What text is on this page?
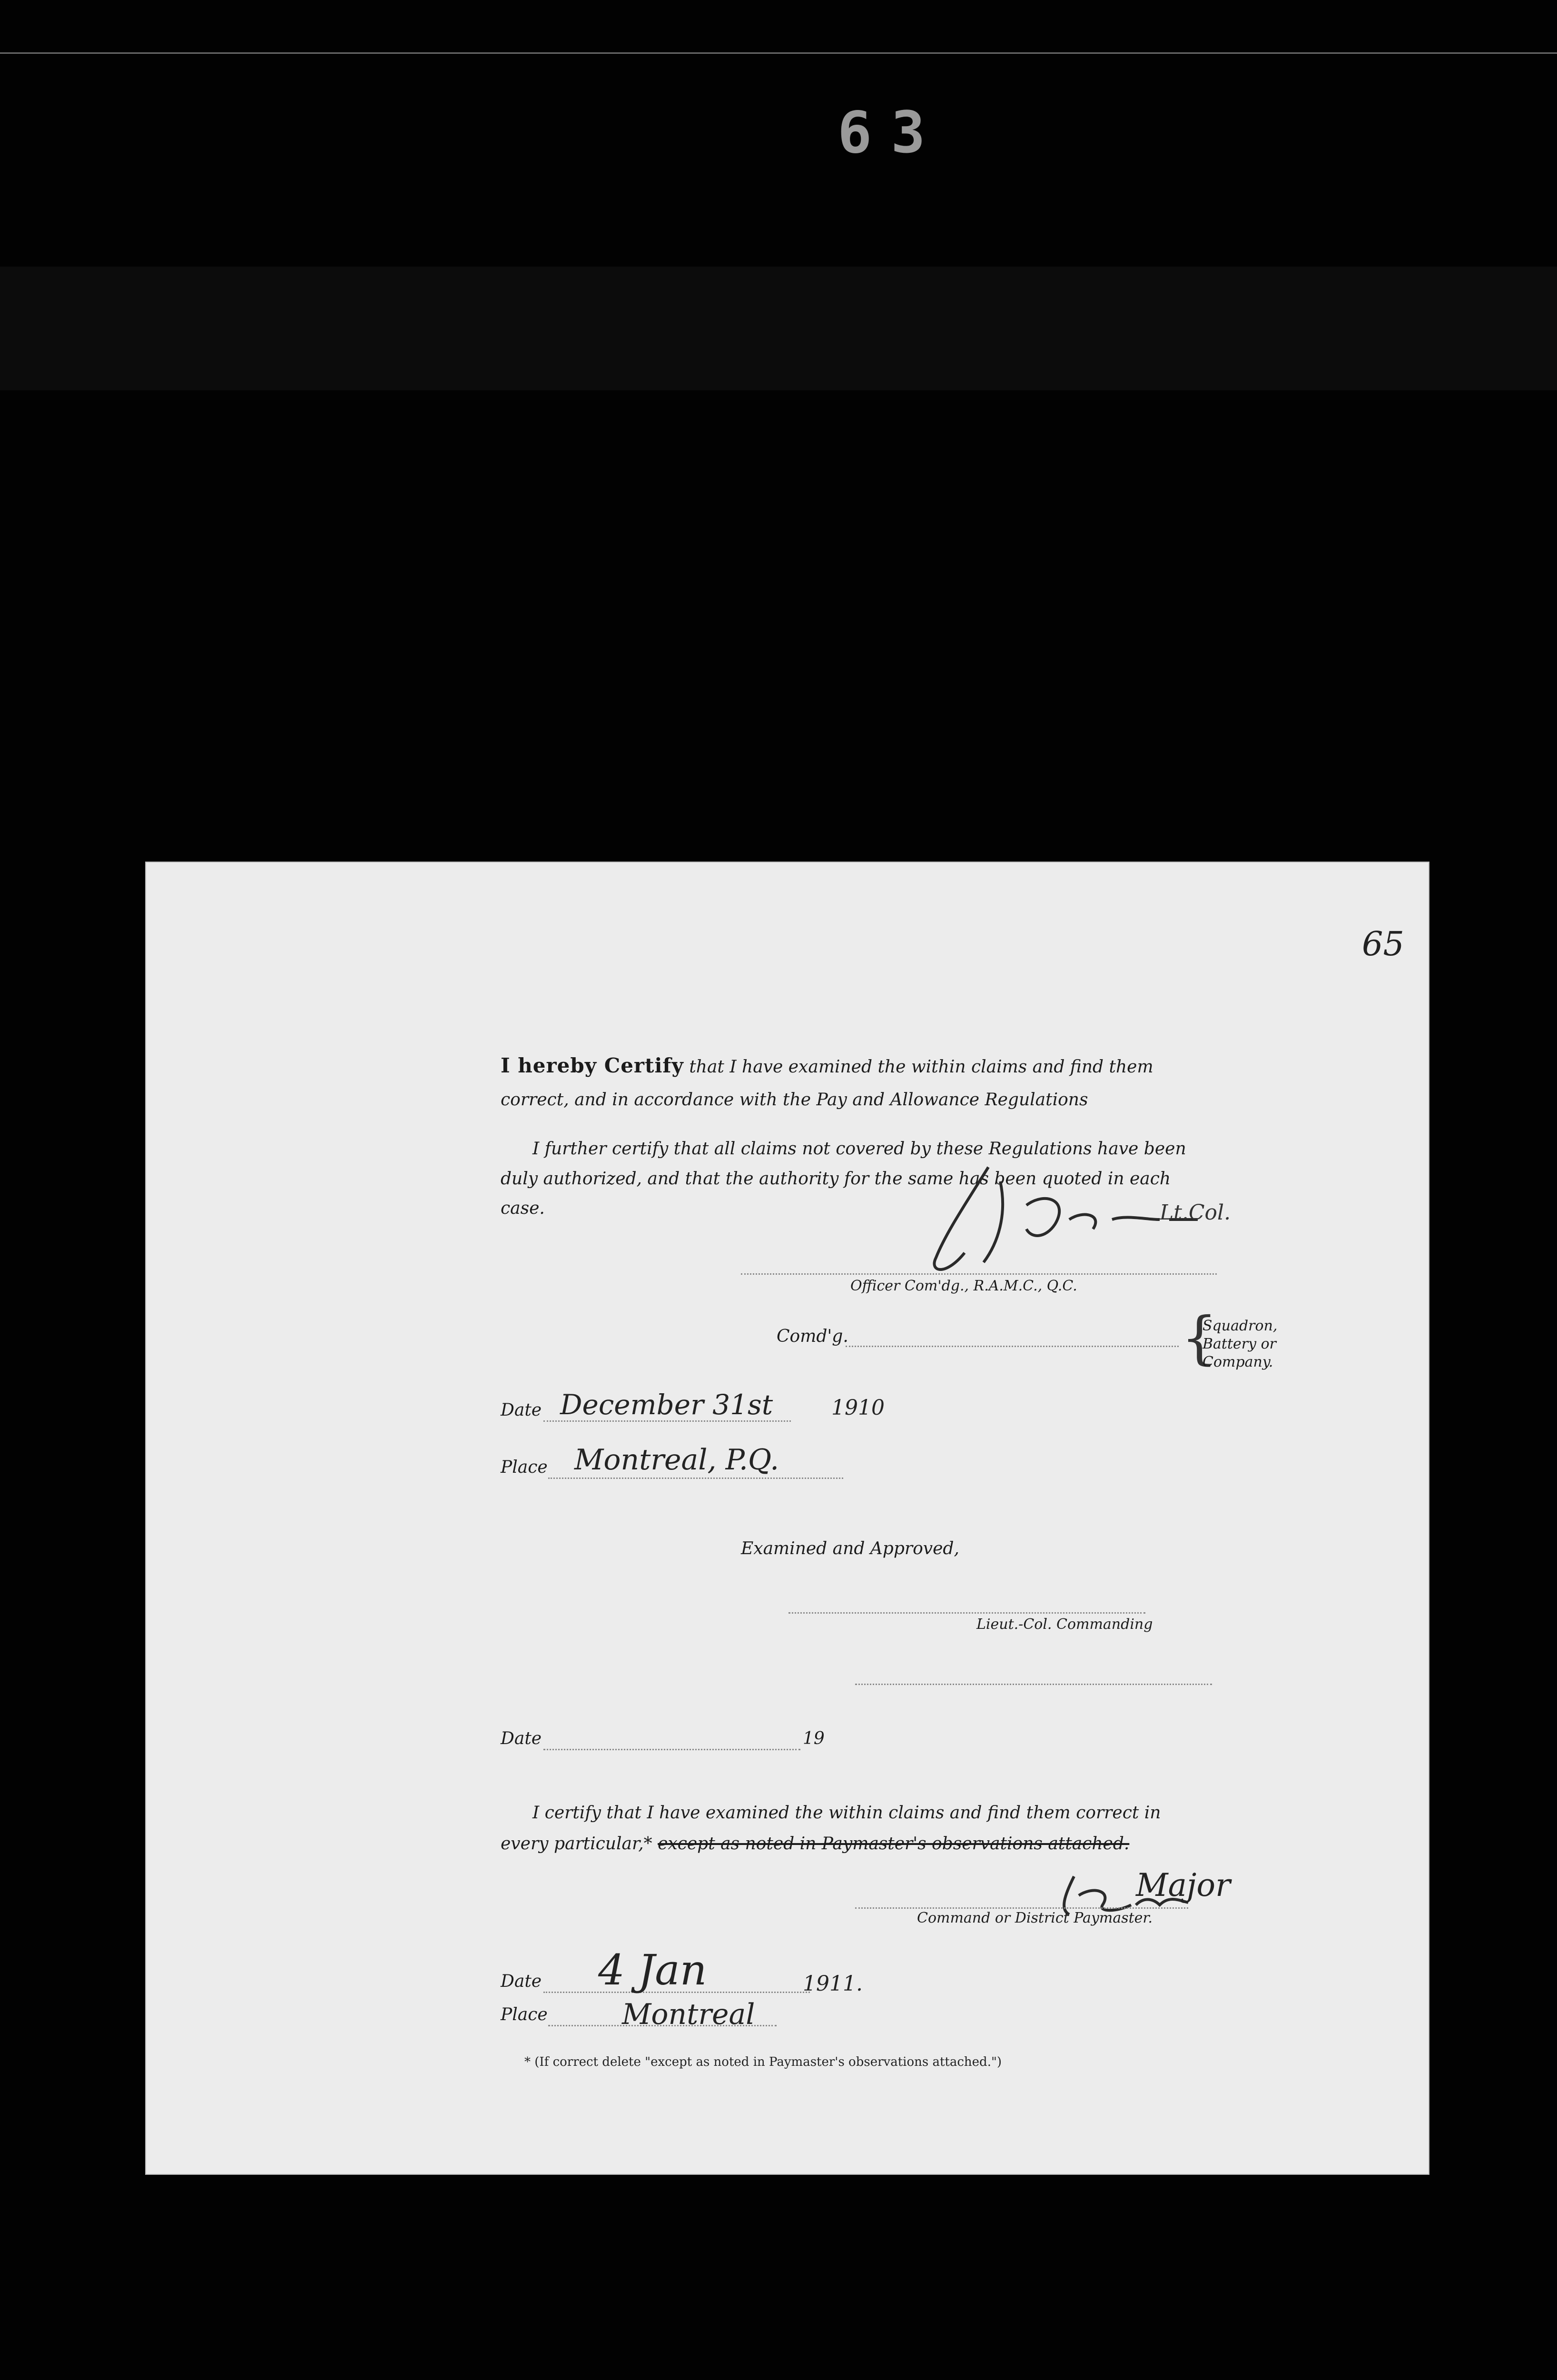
63
65
I hereby Certify that I have examined the within claims and find them
correct, and in accordance with the Pay and Allowance Regulations
I further certify that all claims not covered by these Regulations have been
duly authorized, and that the authority for the same has been quoted in each
case.	Lt.Col.
Officer Com'dg., R.A.M.C., Q.C.
Comd'g.	{
Squadron,
Battery or
Company.
Date December 31st	1910
Place Montreal, P.Q.
Examined and Approved,
Lieut.-Col. Commanding
Date	19
I certify that I have examined the within claims and find them correct in
every particular,* except as noted in Paymaster's observations attached.
Major
Command or District Paymaster.
Date 4 Jan	1911.
Place	Montreal
* (If correct delete "except as noted in Paymaster's observations attached.")
